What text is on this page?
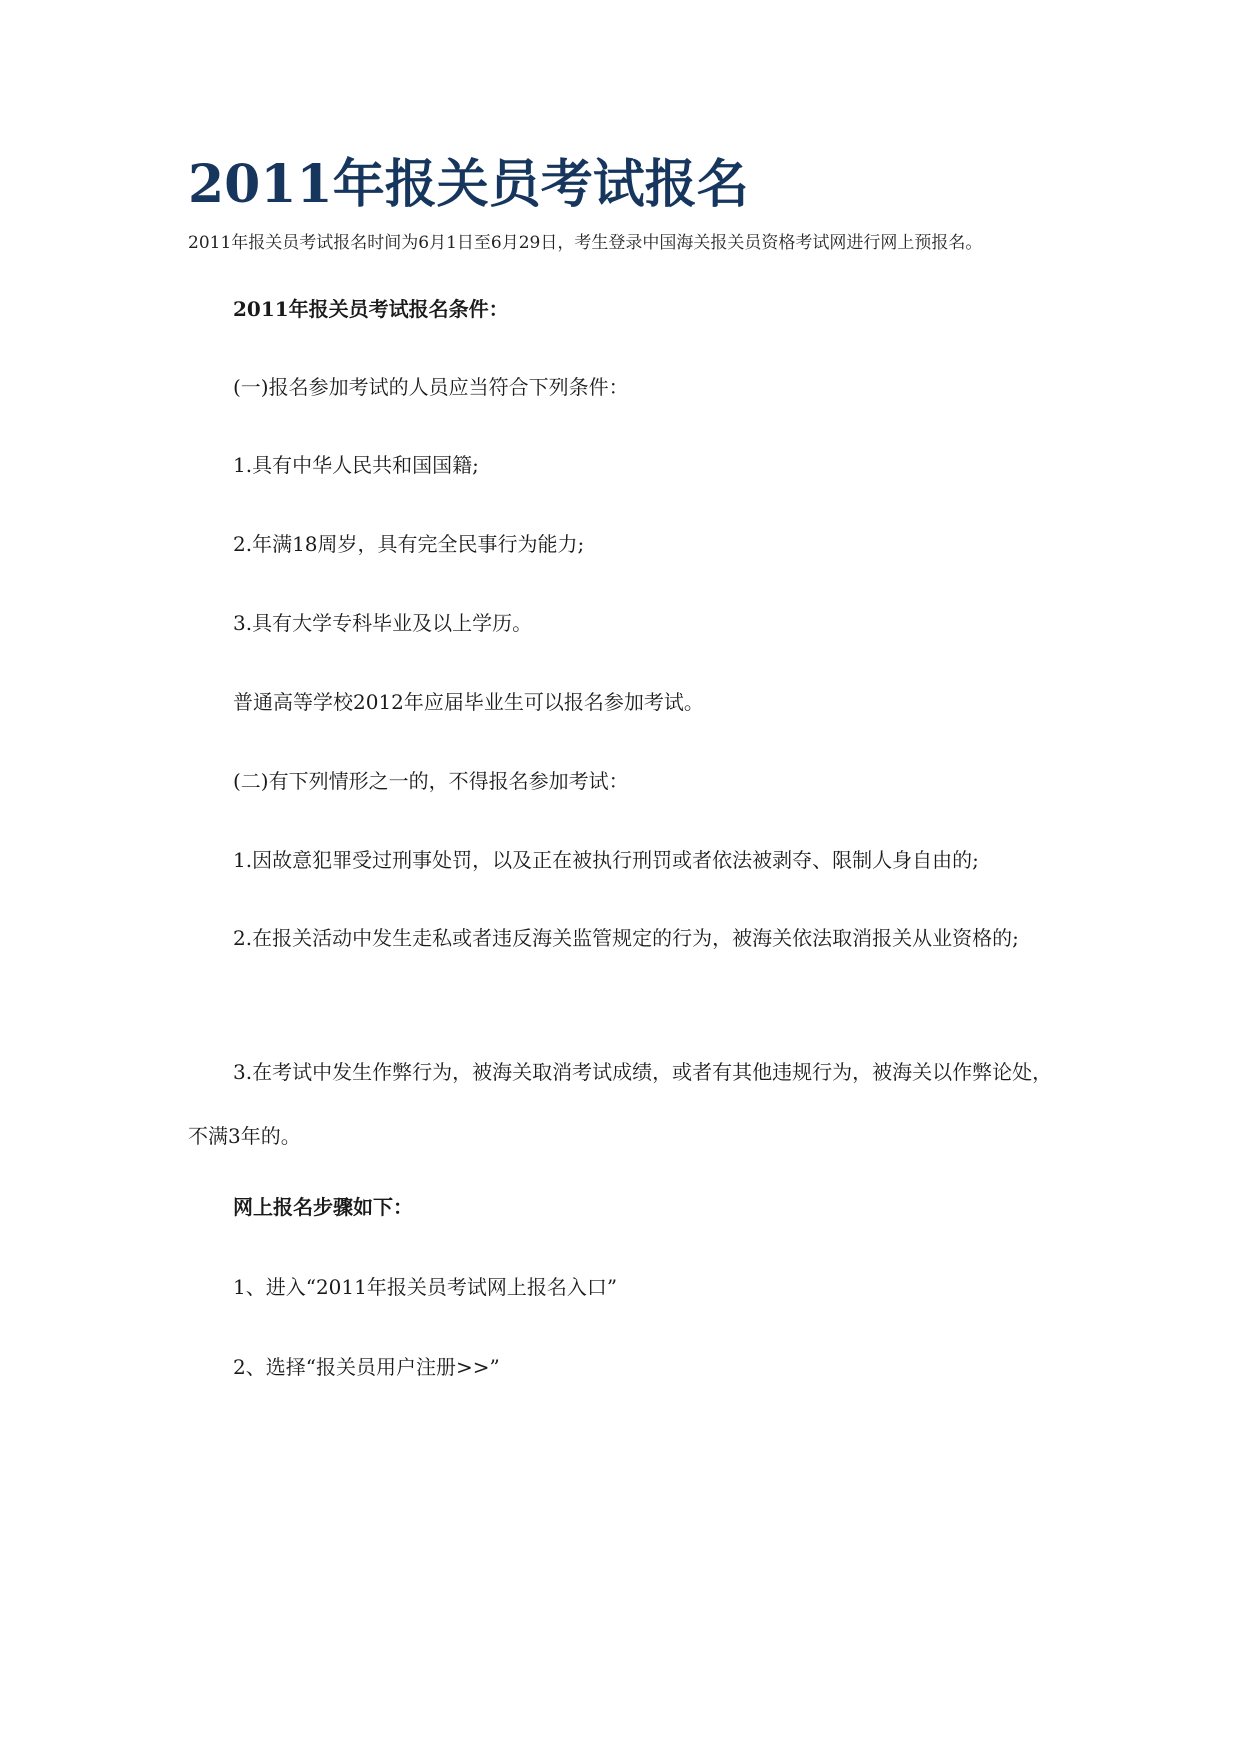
2011年报关员考试报名

2011年报关员考试报名时间为6月1日至6月29日，考生登录中国海关报关员资格考试网进行网上预报名。

2011年报关员考试报名条件：

(一)报名参加考试的人员应当符合下列条件：

1.具有中华人民共和国国籍;

2.年满18周岁，具有完全民事行为能力;

3.具有大学专科毕业及以上学历。

普通高等学校2012年应届毕业生可以报名参加考试。

(二)有下列情形之一的，不得报名参加考试：

1.因故意犯罪受过刑事处罚，以及正在被执行刑罚或者依法被剥夺、限制人身自由的;

2.在报关活动中发生走私或者违反海关监管规定的行为，被海关依法取消报关从业资格的;

3.在考试中发生作弊行为，被海关取消考试成绩，或者有其他违规行为，被海关以作弊论处，不满3年的。

网上报名步骤如下：

1、进入“2011年报关员考试网上报名入口”

2、选择“报关员用户注册>>”
